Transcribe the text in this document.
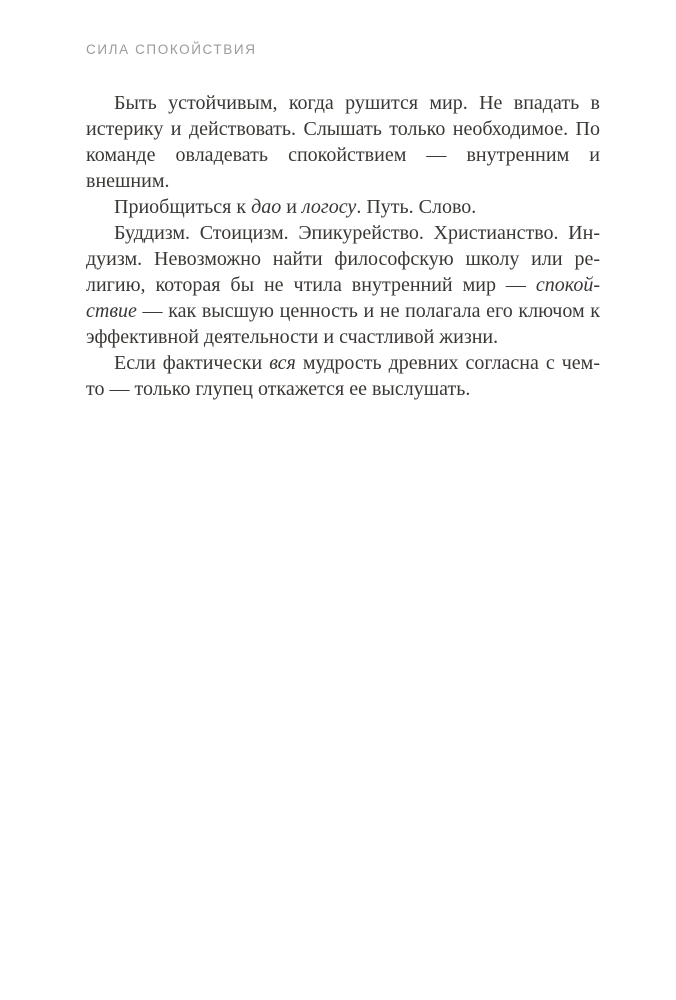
СИЛА СПОКОЙСТВИЯ

Быть устойчивым, когда рушится мир. Не впадать в истерику и действовать. Слышать только необходимое. По команде овладевать спокойствием — внутренним и внешним.

Приобщиться к дао и логосу. Путь. Слово.

Буддизм. Стоицизм. Эпикурейство. Христианство. Индуизм. Невозможно найти философскую школу или религию, которая бы не чтила внутренний мир — спокойствие — как высшую ценность и не полагала его ключом к эффективной деятельности и счастливой жизни.

Если фактически вся мудрость древних согласна с чем-то — только глупец откажется ее выслушать.
